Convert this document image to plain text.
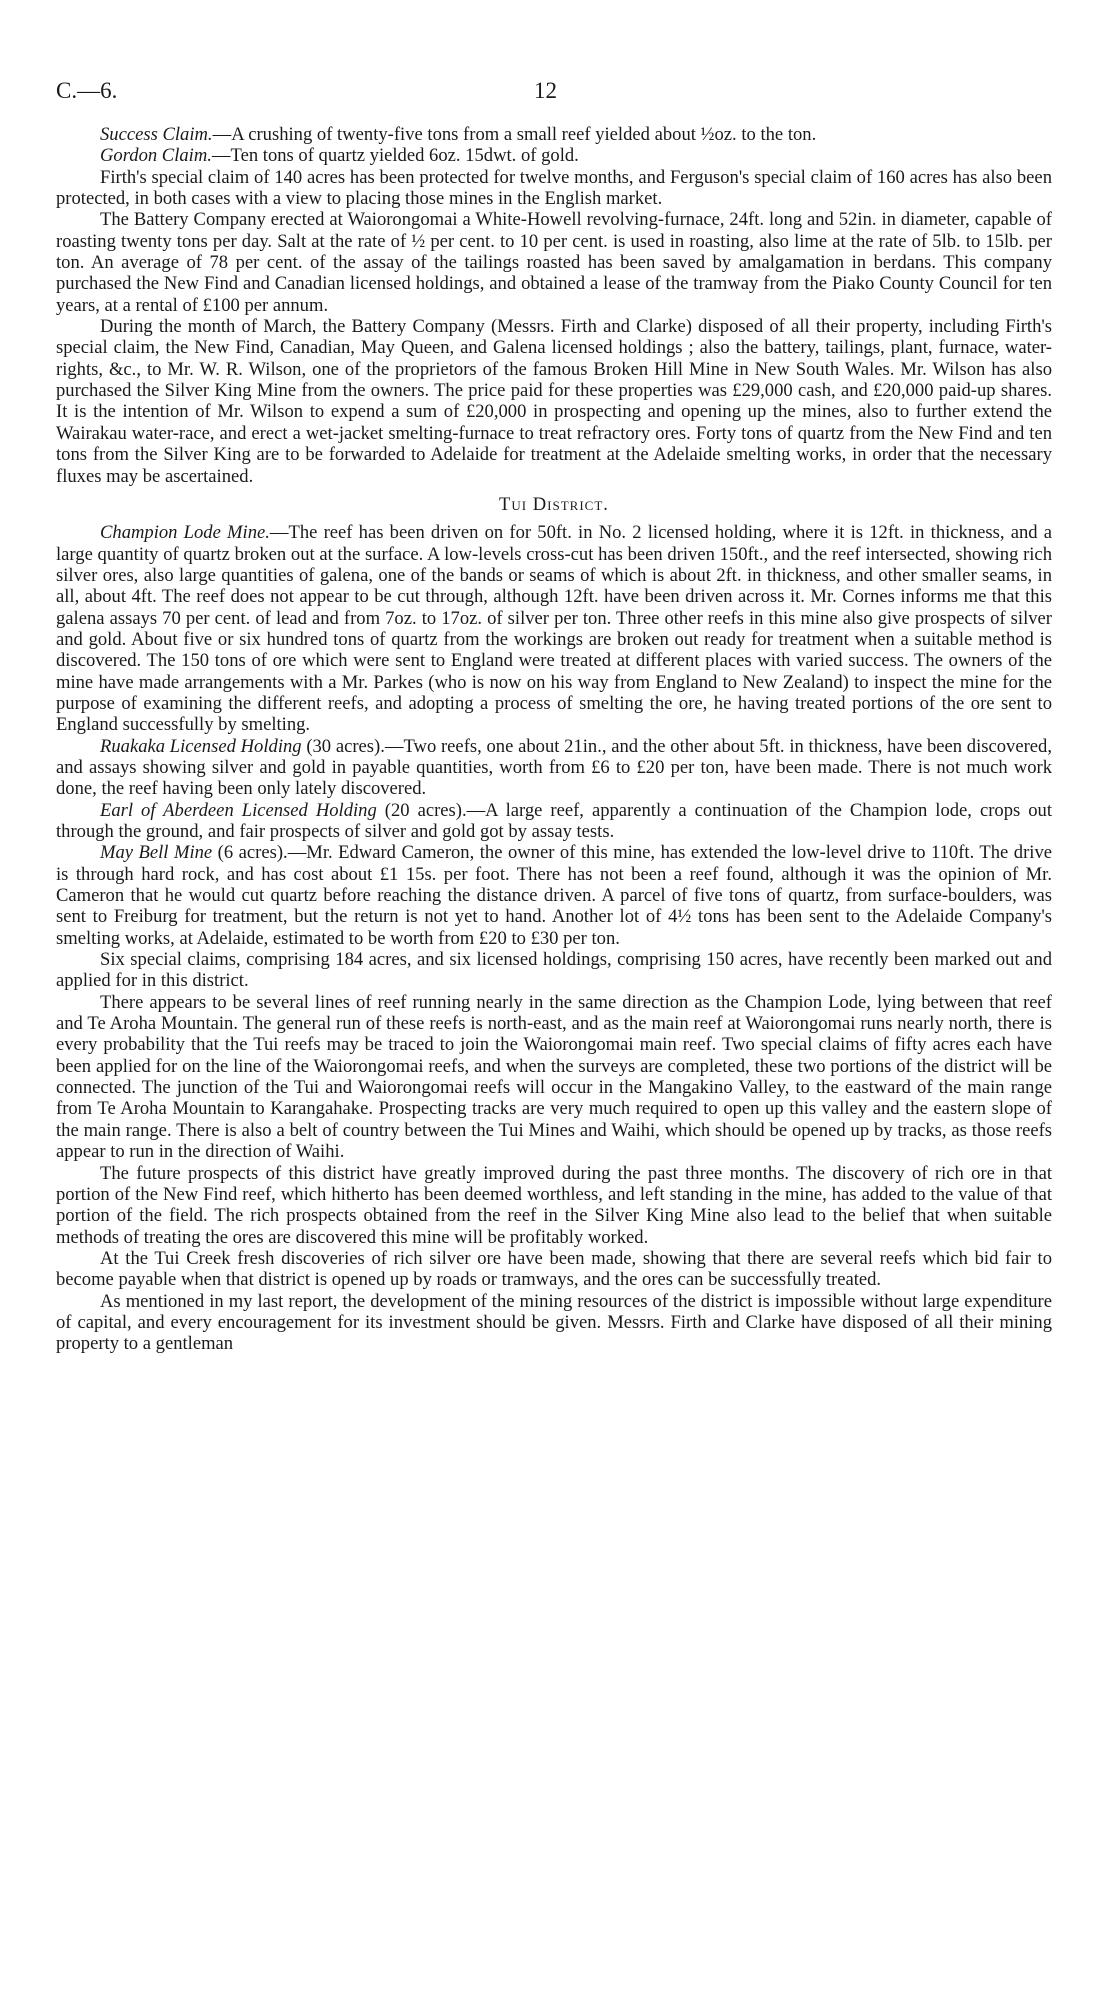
C.—6.	12

Success Claim.—A crushing of twenty-five tons from a small reef yielded about ½oz. to the ton.

Gordon Claim.—Ten tons of quartz yielded 6oz. 15dwt. of gold.

Firth's special claim of 140 acres has been protected for twelve months, and Ferguson's special claim of 160 acres has also been protected, in both cases with a view to placing those mines in the English market.

The Battery Company erected at Waiorongomai a White-Howell revolving-furnace, 24ft. long and 52in. in diameter, capable of roasting twenty tons per day. Salt at the rate of ½ per cent. to 10 per cent. is used in roasting, also lime at the rate of 5lb. to 15lb. per ton. An average of 78 per cent. of the assay of the tailings roasted has been saved by amalgamation in berdans. This company purchased the New Find and Canadian licensed holdings, and obtained a lease of the tramway from the Piako County Council for ten years, at a rental of £100 per annum.

During the month of March, the Battery Company (Messrs. Firth and Clarke) disposed of all their property, including Firth's special claim, the New Find, Canadian, May Queen, and Galena licensed holdings ; also the battery, tailings, plant, furnace, water-rights, &c., to Mr. W. R. Wilson, one of the proprietors of the famous Broken Hill Mine in New South Wales. Mr. Wilson has also purchased the Silver King Mine from the owners. The price paid for these properties was £29,000 cash, and £20,000 paid-up shares. It is the intention of Mr. Wilson to expend a sum of £20,000 in prospecting and opening up the mines, also to further extend the Wairakau water-race, and erect a wet-jacket smelting-furnace to treat refractory ores. Forty tons of quartz from the New Find and ten tons from the Silver King are to be forwarded to Adelaide for treatment at the Adelaide smelting works, in order that the necessary fluxes may be ascertained.

Tui District.

Champion Lode Mine.—The reef has been driven on for 50ft. in No. 2 licensed holding, where it is 12ft. in thickness, and a large quantity of quartz broken out at the surface. A low-levels cross-cut has been driven 150ft., and the reef intersected, showing rich silver ores, also large quantities of galena, one of the bands or seams of which is about 2ft. in thickness, and other smaller seams, in all, about 4ft. The reef does not appear to be cut through, although 12ft. have been driven across it. Mr. Cornes informs me that this galena assays 70 per cent. of lead and from 7oz. to 17oz. of silver per ton. Three other reefs in this mine also give prospects of silver and gold. About five or six hundred tons of quartz from the workings are broken out ready for treatment when a suitable method is discovered. The 150 tons of ore which were sent to England were treated at different places with varied success. The owners of the mine have made arrangements with a Mr. Parkes (who is now on his way from England to New Zealand) to inspect the mine for the purpose of examining the different reefs, and adopting a process of smelting the ore, he having treated portions of the ore sent to England successfully by smelting.

Ruakaka Licensed Holding (30 acres).—Two reefs, one about 21in., and the other about 5ft. in thickness, have been discovered, and assays showing silver and gold in payable quantities, worth from £6 to £20 per ton, have been made. There is not much work done, the reef having been only lately discovered.

Earl of Aberdeen Licensed Holding (20 acres).—A large reef, apparently a continuation of the Champion lode, crops out through the ground, and fair prospects of silver and gold got by assay tests.

May Bell Mine (6 acres).—Mr. Edward Cameron, the owner of this mine, has extended the low-level drive to 110ft. The drive is through hard rock, and has cost about £1 15s. per foot. There has not been a reef found, although it was the opinion of Mr. Cameron that he would cut quartz before reaching the distance driven. A parcel of five tons of quartz, from surface-boulders, was sent to Freiburg for treatment, but the return is not yet to hand. Another lot of 4½ tons has been sent to the Adelaide Company's smelting works, at Adelaide, estimated to be worth from £20 to £30 per ton.

Six special claims, comprising 184 acres, and six licensed holdings, comprising 150 acres, have recently been marked out and applied for in this district.

There appears to be several lines of reef running nearly in the same direction as the Champion Lode, lying between that reef and Te Aroha Mountain. The general run of these reefs is north-east, and as the main reef at Waiorongomai runs nearly north, there is every probability that the Tui reefs may be traced to join the Waiorongomai main reef. Two special claims of fifty acres each have been applied for on the line of the Waiorongomai reefs, and when the surveys are completed, these two portions of the district will be connected. The junction of the Tui and Waiorongomai reefs will occur in the Mangakino Valley, to the eastward of the main range from Te Aroha Mountain to Karangahake. Prospecting tracks are very much required to open up this valley and the eastern slope of the main range. There is also a belt of country between the Tui Mines and Waihi, which should be opened up by tracks, as those reefs appear to run in the direction of Waihi.

The future prospects of this district have greatly improved during the past three months. The discovery of rich ore in that portion of the New Find reef, which hitherto has been deemed worthless, and left standing in the mine, has added to the value of that portion of the field. The rich prospects obtained from the reef in the Silver King Mine also lead to the belief that when suitable methods of treating the ores are discovered this mine will be profitably worked.

At the Tui Creek fresh discoveries of rich silver ore have been made, showing that there are several reefs which bid fair to become payable when that district is opened up by roads or tramways, and the ores can be successfully treated.

As mentioned in my last report, the development of the mining resources of the district is impossible without large expenditure of capital, and every encouragement for its investment should be given. Messrs. Firth and Clarke have disposed of all their mining property to a gentleman
